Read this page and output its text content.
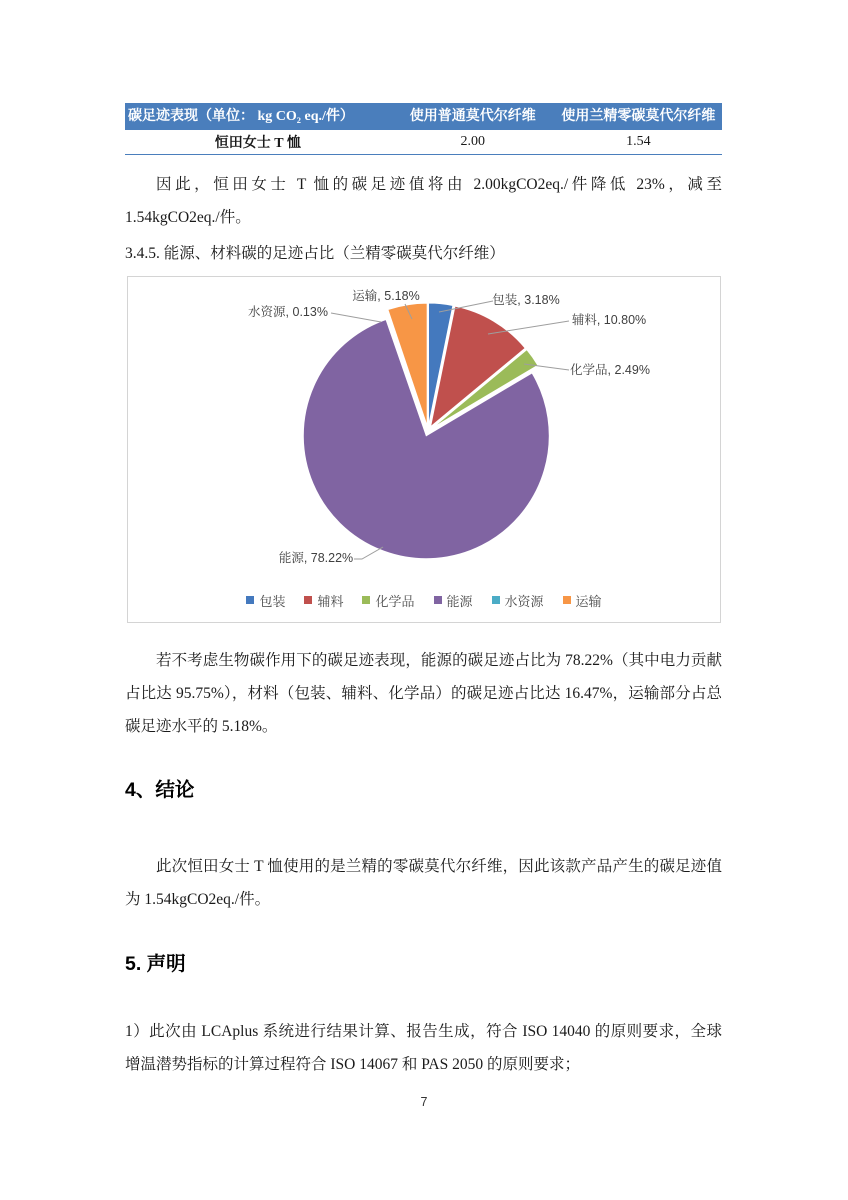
碳足迹表现（单位： kg CO₂ eq./件）	使用普通莫代尔纤维	使用兰精零碳莫代尔纤维
恒田女士 T 恤	2.00	1.54

因此，恒田女士 T 恤的碳足迹值将由 2.00kgCO2eq./件降低 23%，减至 1.54kgCO2eq./件。

3.4.5. 能源、材料碳的足迹占比（兰精零碳莫代尔纤维）
包装, 3.18%
辅料, 10.80%
化学品, 2.49%
能源, 78.22%
水资源, 0.13%
运输, 5.18%
包装 辅料 化学品 能源 水资源 运输

若不考虑生物碳作用下的碳足迹表现，能源的碳足迹占比为 78.22%（其中电力贡献占比达 95.75%），材料（包装、辅料、化学品）的碳足迹占比达 16.47%，运输部分占总碳足迹水平的 5.18%。

4、结论

此次恒田女士 T 恤使用的是兰精的零碳莫代尔纤维，因此该款产品产生的碳足迹值为 1.54kgCO2eq./件。

5. 声明

1）此次由 LCAplus 系统进行结果计算、报告生成，符合 ISO 14040 的原则要求，全球增温潜势指标的计算过程符合 ISO 14067 和 PAS 2050 的原则要求；

7
